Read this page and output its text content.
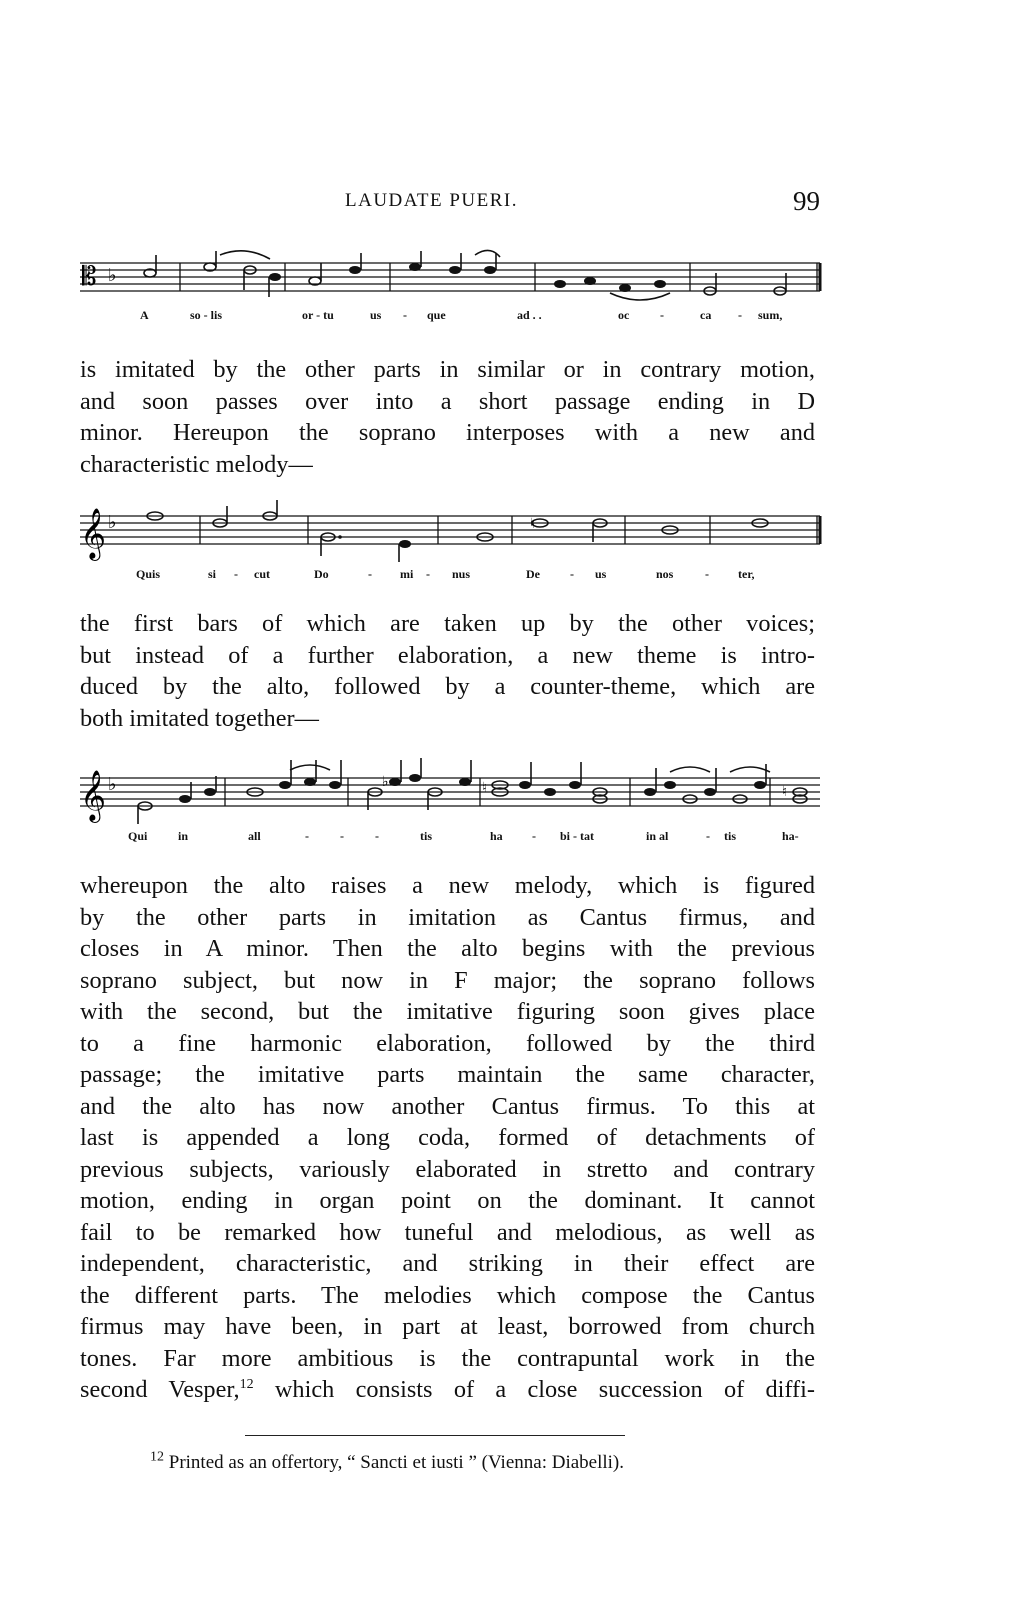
LAUDATE PUERI.	99
𝄡 ♭
A	so - lis	or - tu	us - que	ad . .	oc	-	ca - sum,

is imitated by the other parts in similar or in contrary motion,
and soon passes over into a short passage ending in D
minor. Hereupon the soprano interposes with a new and
characteristic melody—

𝄞 ♭	♮
Quis	si - cut	Do	- mi - nus	De	- us	nos	- ter,

the first bars of which are taken up by the other voices;
but instead of a further elaboration, a new theme is intro-
duced by the alto, followed by a counter-theme, which are
both imitated together—

𝄞 ♭	♭	♮	♮
Qui	in	all	-	-	-	tis	ha - bi - tat	in al	- tis	ha-

whereupon the alto raises a new melody, which is figured
by the other parts in imitation as Cantus firmus, and
closes in A minor. Then the alto begins with the previous
soprano subject, but now in F major; the soprano follows
with the second, but the imitative figuring soon gives place
to a fine harmonic elaboration, followed by the third
passage; the imitative parts maintain the same character,
and the alto has now another Cantus firmus. To this at
last is appended a long coda, formed of detachments of
previous subjects, variously elaborated in stretto and contrary
motion, ending in organ point on the dominant. It cannot
fail to be remarked how tuneful and melodious, as well as
independent, characteristic, and striking in their effect are
the different parts. The melodies which compose the Cantus
firmus may have been, in part at least, borrowed from church
tones. Far more ambitious is the contrapuntal work in the
second Vesper,$^{12}$ which consists of a close succession of diffi-

$^{12}$ Printed as an offertory, “ Sancti et iusti ” (Vienna: Diabelli).
